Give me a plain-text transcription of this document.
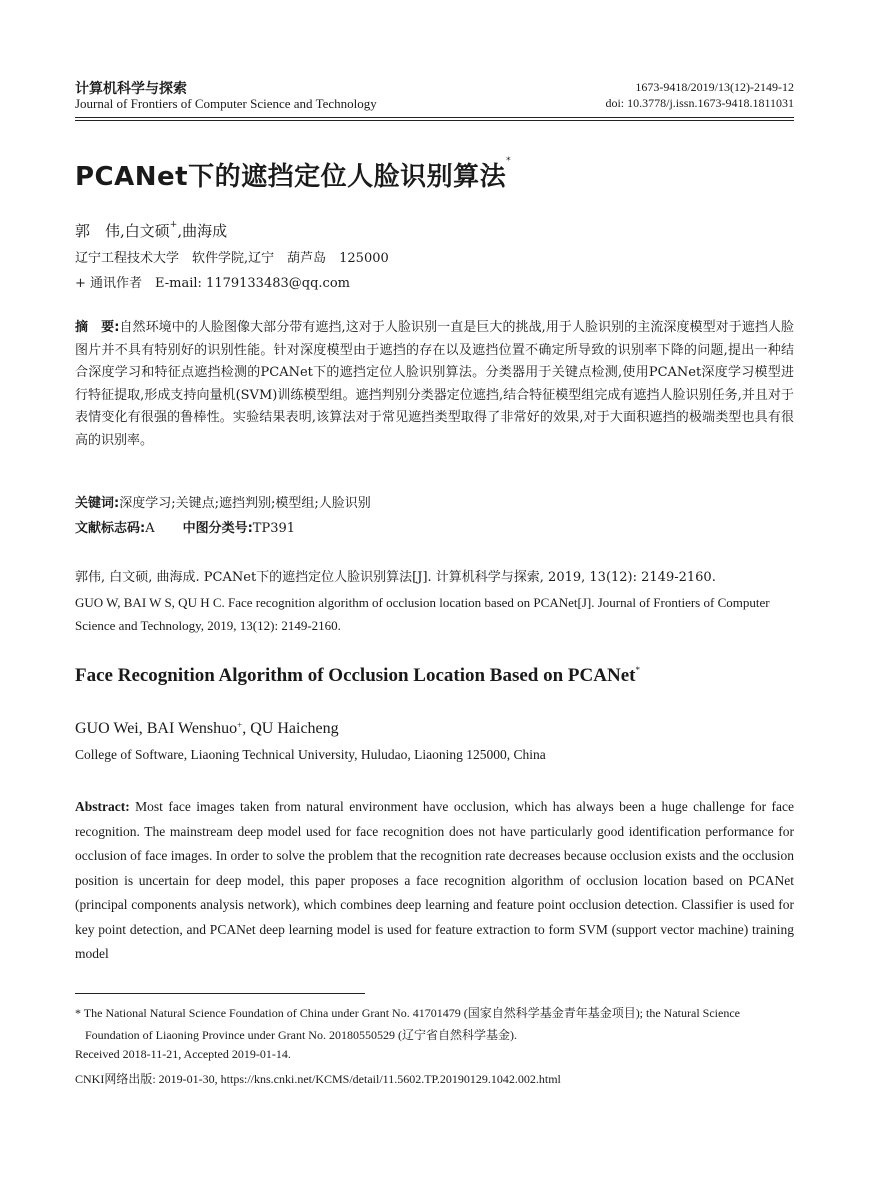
计算机科学与探索
Journal of Frontiers of Computer Science and Technology
1673-9418/2019/13(12)-2149-12
doi: 10.3778/j.issn.1673-9418.1811031
PCANet下的遮挡定位人脸识别算法*
郭　伟,白文硕+,曲海成
辽宁工程技术大学　软件学院,辽宁　葫芦岛　125000
+ 通讯作者　E-mail: 1179133483@qq.com
摘　要:自然环境中的人脸图像大部分带有遮挡,这对于人脸识别一直是巨大的挑战,用于人脸识别的主流深度模型对于遮挡人脸图片并不具有特别好的识别性能。针对深度模型由于遮挡的存在以及遮挡位置不确定所导致的识别率下降的问题,提出一种结合深度学习和特征点遮挡检测的PCANet下的遮挡定位人脸识别算法。分类器用于关键点检测,使用PCANet深度学习模型进行特征提取,形成支持向量机(SVM)训练模型组。遮挡判别分类器定位遮挡,结合特征模型组完成有遮挡人脸识别任务,并且对于表情变化有很强的鲁棒性。实验结果表明,该算法对于常见遮挡类型取得了非常好的效果,对于大面积遮挡的极端类型也具有很高的识别率。
关键词:深度学习;关键点;遮挡判别;模型组;人脸识别
文献标志码:A 中图分类号:TP391
郭伟, 白文硕, 曲海成. PCANet下的遮挡定位人脸识别算法[J]. 计算机科学与探索, 2019, 13(12): 2149-2160.
GUO W, BAI W S, QU H C. Face recognition algorithm of occlusion location based on PCANet[J]. Journal of Frontiers of Computer Science and Technology, 2019, 13(12): 2149-2160.
Face Recognition Algorithm of Occlusion Location Based on PCANet*
GUO Wei, BAI Wenshuo+, QU Haicheng
College of Software, Liaoning Technical University, Huludao, Liaoning 125000, China
Abstract: Most face images taken from natural environment have occlusion, which has always been a huge challenge for face recognition. The mainstream deep model used for face recognition does not have particularly good identification performance for occlusion of face images. In order to solve the problem that the recognition rate decreases because occlusion exists and the occlusion position is uncertain for deep model, this paper proposes a face recognition algorithm of occlusion location based on PCANet (principal components analysis network), which combines deep learning and feature point occlusion detection. Classifier is used for key point detection, and PCANet deep learning model is used for feature extraction to form SVM (support vector machine) training model
* The National Natural Science Foundation of China under Grant No. 41701479 (国家自然科学基金青年基金项目); the Natural Science
Foundation of Liaoning Province under Grant No. 20180550529 (辽宁省自然科学基金).
Received 2018-11-21, Accepted 2019-01-14.
CNKI网络出版: 2019-01-30, https://kns.cnki.net/KCMS/detail/11.5602.TP.20190129.1042.002.html
